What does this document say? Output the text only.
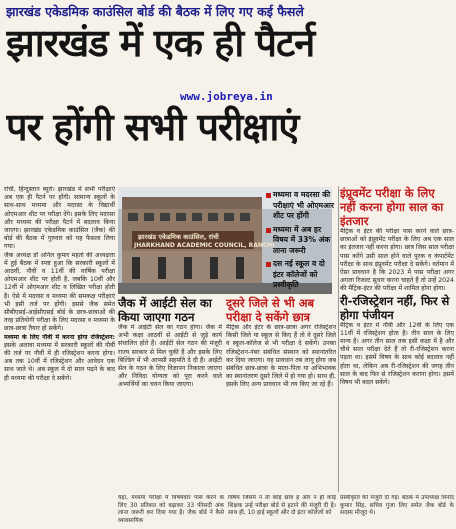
झारखंड एकेडमिक काउंसिल बोर्ड की बैठक में लिए गए कई फैसले
झारखंड में एक ही पैटर्न
www.jobreya.in
पर होंगी सभी परीक्षाएं

रांची, हिन्दुस्तान ब्यूरो। झारखंड में सभी परीक्षाएं अब एक ही पैटर्न पर होंगी। सामान्य स्कूलों के साथ-साथ मध्यमा और मदरसा के विद्यार्थी ओएमआर शीट पर परीक्षा देंगे। इसके लिए मदरसा और मध्यमा की परीक्षा पैटर्न में बदलाव किया जाएगा। झारखंड एकेडमिक काउंसिल (जैक) की बोर्ड की बैठक में गुरुवार को यह फैसला लिया गया।

जैक अध्यक्ष डॉ अनिल कुमार महतो की अध्यक्षता में हुई बैठक में स्पष्ट हुआ कि सरकारी स्कूलों में आठवीं, नौवीं व 11वीं की वार्षिक परीक्षा ओएमआर शीट पर होती है, जबकि 10वीं और 12वीं में ओएमआर शीट व लिखित परीक्षा होती है। ऐसे में मदरसा व मध्यमा की समकक्ष परीक्षाएं भी इसी तर्ज पर होंगी। इससे जैक समेत सीबीएसई-आईसीएसई बोर्ड के छात्र-छात्राओं की तरह प्रतियोगी परीक्षा के लिए मदरसा व मध्यमा के छात्र-छात्रा तैयार हो सकेंगे।

मध्यमा के लिए नौवीं में करना होगा रजिस्ट्रेशन: इसके अलावा मध्यमा में सरकारी स्कूलों की नौवीं की तर्ज पर नौवीं में ही रजिस्ट्रेशन करना होगा। अब तक 10वीं में रजिस्ट्रेशन और आवेदन एक साथ जाते थे। अब स्कूल में दो साल पढ़ने के बाद ही मध्यमा की परीक्षा दे सकेंगे।

झारखंड एकेडमिक काउंसिल, रांची
JHARKHAND ACADEMIC COUNCIL, RANCHI
मध्यमा व मदरसा की परीक्षाएं भी ओएमआर शीट पर होंगी
मध्यमा में अब हर विषय में 33% अंक लाना जरूरी
दस नई स्कूल व दो इंटर कॉलेजों को प्रस्वीकृति
जैक में आईटी सेल का किया जाएगा गठन

जैक में आईटी सेल का गठन होगा। जैक में अभी कक्षा आठवीं से आईटी से जुड़े कार्य संचालित होते हैं। आईटी सेल गठन की मंजूरी राज्य सरकार से मिल चुकी है और इसके लिए बिल्डिंग में भी आपसी सहमति दे दी है। आईटी सेल के गठन के लिए विज्ञापन निकाला जाएगा और निविदा योग्यता को पूरा करने वाले अभ्यर्थियों का चयन किया जाएगा।

दूसरे जिले से भी अब परीक्षा दे सकेंगे छात्र

मैट्रिक और इंटर के छात्र-छात्रा अगर रजिस्ट्रेशन किसी जिले या स्कूल से किए हैं तो वे दूसरे जिले व स्कूल-कॉलेज से भी परीक्षा दे सकेंगे। उनका रजिस्ट्रेशन-नंबर संबंधित संस्थान को स्थानांतरित कर दिया जाएगा। यह प्रावधान तब लागू होगा जब संबंधित छात्र-छात्रा के माता-पिता या अभिभावक का स्थानांतरण दूसरे जिले में हो गया हो। साथ ही, इसके लिए अन्य प्रावधान भी तय किए जा रहे हैं।

इंप्रूवमेंट परीक्षा के लिए नहीं करना होगा साल का इंतजार

मैट्रिक व इंटर की परीक्षा पास करने वाले छात्र-छात्राओं को इंप्रूवमेंट परीक्षा के लिए अब एक साल का इंतजार नहीं करना होगा। छात्र जिस साल परीक्षा पास करेंगे उसी साल होने वाले पूरक व कंपार्टमेंट परीक्षा के साथ इंप्रूवमेंट परीक्षा दे सकेंगे। वर्तमान में ऐसा प्रावधान है कि 2023 में पास परीक्षा अगर अगला रिजल्ट सुधार करना चाहते हैं तो उन्हें 2024 की मैट्रिक-इंटर की परीक्षा में शामिल होना होगा।

री-रजिस्ट्रेशन नहीं, फिर से होगा पंजीयन

मैट्रिक व इंटर में नौवीं और 12वीं के लिए एक 11वीं में रजिस्ट्रेशन होता है। तीन साल के लिए मान्य है। अगर तीन साल तक इसी कक्षा में है और चौथे साल परीक्षा देते हैं तो री-रजिस्ट्रेशन करना पड़ता था। इसमें विषय के साथ कोई बदलाव नहीं होता था, लेकिन अब री-रजिस्ट्रेशन की जगह तीन साल के बाद फिर से रजिस्ट्रेशन कराना होगा। इसमें विषय भी बदल सकेंगे।

यहाँ, मध्यमा परीक्षा में विषयवार पास करने के लिए 30 प्रतिशत को बढ़ाकर 33 फीसदी अंक लाना जरूरी कर दिया गया है। जैक बोर्ड ने कैसे व्यावसायिक

विषय जिसमें न तो कोई छात्र हैं और न ही कोई शिक्षक उन्हें परीक्षा बोर्ड से हटाने की मंजूरी दी है। साथ ही, 10 हाई स्कूलों और दो इंटर कॉलेजों को

प्रस्वीकृति की मंजूरी दी गई। बैठक में उपाध्यक्ष विनोद कुमार सिंह, सचिव गुंजा लिए समेत जैक बोर्ड के सदस्य मौजूद थे।
